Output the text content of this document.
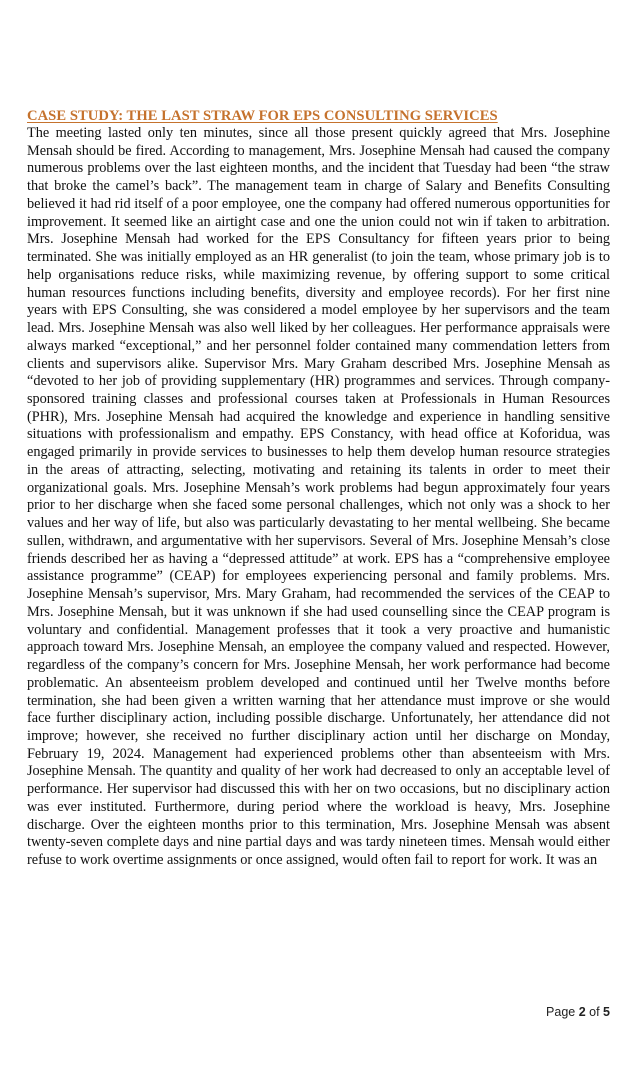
CASE STUDY: THE LAST STRAW FOR EPS CONSULTING SERVICES
The meeting lasted only ten minutes, since all those present quickly agreed that Mrs. Josephine Mensah should be fired. According to management, Mrs. Josephine Mensah had caused the company numerous problems over the last eighteen months, and the incident that Tuesday had been “the straw that broke the camel’s back”. The management team in charge of Salary and Benefits Consulting believed it had rid itself of a poor employee, one the company had offered numerous opportunities for improvement. It seemed like an airtight case and one the union could not win if taken to arbitration. Mrs. Josephine Mensah had worked for the EPS Consultancy for fifteen years prior to being terminated. She was initially employed as an HR generalist (to join the team, whose primary job is to help organisations reduce risks, while maximizing revenue, by offering support to some critical human resources functions including benefits, diversity and employee records). For her first nine years with EPS Consulting, she was considered a model employee by her supervisors and the team lead. Mrs. Josephine Mensah was also well liked by her colleagues. Her performance appraisals were always marked “exceptional,” and her personnel folder contained many commendation letters from clients and supervisors alike. Supervisor Mrs. Mary Graham described Mrs. Josephine Mensah as “devoted to her job of providing supplementary (HR) programmes and services. Through company-sponsored training classes and professional courses taken at Professionals in Human Resources (PHR), Mrs. Josephine Mensah had acquired the knowledge and experience in handling sensitive situations with professionalism and empathy. EPS Constancy, with head office at Koforidua, was engaged primarily in provide services to businesses to help them develop human resource strategies in the areas of attracting, selecting, motivating and retaining its talents in order to meet their organizational goals. Mrs. Josephine Mensah’s work problems had begun approximately four years prior to her discharge when she faced some personal challenges, which not only was a shock to her values and her way of life, but also was particularly devastating to her mental wellbeing. She became sullen, withdrawn, and argumentative with her supervisors. Several of Mrs. Josephine Mensah’s close friends described her as having a “depressed attitude” at work. EPS has a “comprehensive employee assistance programme” (CEAP) for employees experiencing personal and family problems. Mrs. Josephine Mensah’s supervisor, Mrs. Mary Graham, had recommended the services of the CEAP to Mrs. Josephine Mensah, but it was unknown if she had used counselling since the CEAP program is voluntary and confidential. Management professes that it took a very proactive and humanistic approach toward Mrs. Josephine Mensah, an employee the company valued and respected. However, regardless of the company’s concern for Mrs. Josephine Mensah, her work performance had become problematic. An absenteeism problem developed and continued until her Twelve months before termination, she had been given a written warning that her attendance must improve or she would face further disciplinary action, including possible discharge. Unfortunately, her attendance did not improve; however, she received no further disciplinary action until her discharge on Monday, February 19, 2024. Management had experienced problems other than absenteeism with Mrs. Josephine Mensah. The quantity and quality of her work had decreased to only an acceptable level of performance. Her supervisor had discussed this with her on two occasions, but no disciplinary action was ever instituted. Furthermore, during period where the workload is heavy, Mrs. Josephine discharge. Over the eighteen months prior to this termination, Mrs. Josephine Mensah was absent twenty-seven complete days and nine partial days and was tardy nineteen times. Mensah would either refuse to work overtime assignments or once assigned, would often fail to report for work. It was an
Page 2 of 5
